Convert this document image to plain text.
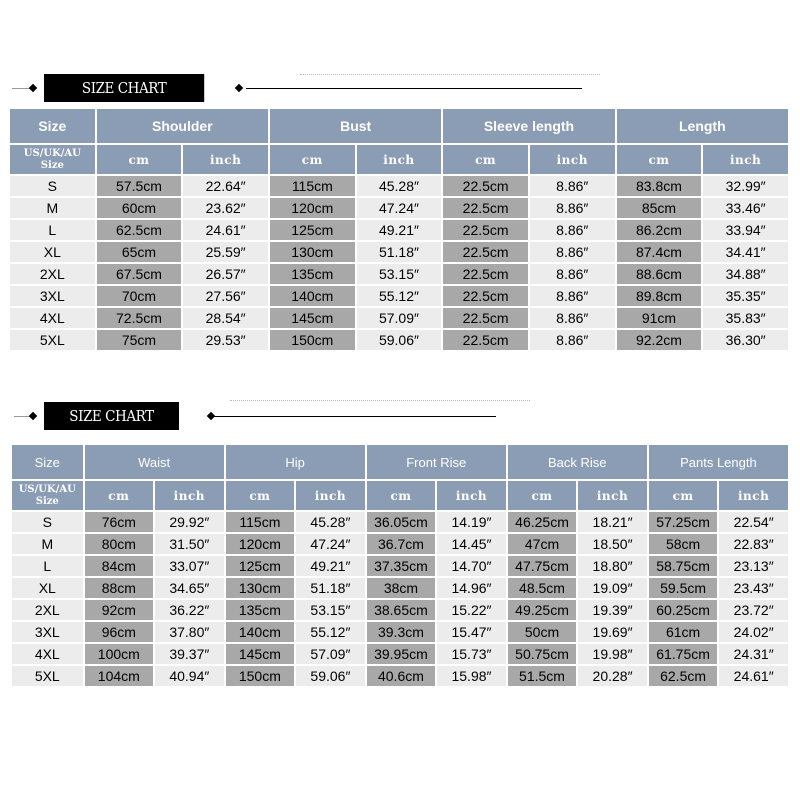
SIZE CHART
Size	Shoulder		Bust		Sleeve length		Length	
US/UK/AU
Size	cm	inch	cm	inch	cm	inch	cm	inch
S	57.5cm	22.64″	115cm	45.28″	22.5cm	8.86″	83.8cm	32.99″
M	60cm	23.62″	120cm	47.24″	22.5cm	8.86″	85cm	33.46″
L	62.5cm	24.61″	125cm	49.21″	22.5cm	8.86″	86.2cm	33.94″
XL	65cm	25.59″	130cm	51.18″	22.5cm	8.86″	87.4cm	34.41″
2XL	67.5cm	26.57″	135cm	53.15″	22.5cm	8.86″	88.6cm	34.88″
3XL	70cm	27.56″	140cm	55.12″	22.5cm	8.86″	89.8cm	35.35″
4XL	72.5cm	28.54″	145cm	57.09″	22.5cm	8.86″	91cm	35.83″
5XL	75cm	29.53″	150cm	59.06″	22.5cm	8.86″	92.2cm	36.30″
SIZE CHART
Size	Waist		Hip		Front Rise		Back Rise		Pants Length	
US/UK/AU
Size	cm	inch	cm	inch	cm	inch	cm	inch	cm	inch
S	76cm	29.92″	115cm	45.28″	36.05cm	14.19″	46.25cm	18.21″	57.25cm	22.54″
M	80cm	31.50″	120cm	47.24″	36.7cm	14.45″	47cm	18.50″	58cm	22.83″
L	84cm	33.07″	125cm	49.21″	37.35cm	14.70″	47.75cm	18.80″	58.75cm	23.13″
XL	88cm	34.65″	130cm	51.18″	38cm	14.96″	48.5cm	19.09″	59.5cm	23.43″
2XL	92cm	36.22″	135cm	53.15″	38.65cm	15.22″	49.25cm	19.39″	60.25cm	23.72″
3XL	96cm	37.80″	140cm	55.12″	39.3cm	15.47″	50cm	19.69″	61cm	24.02″
4XL	100cm	39.37″	145cm	57.09″	39.95cm	15.73″	50.75cm	19.98″	61.75cm	24.31″
5XL	104cm	40.94″	150cm	59.06″	40.6cm	15.98″	51.5cm	20.28″	62.5cm	24.61″
